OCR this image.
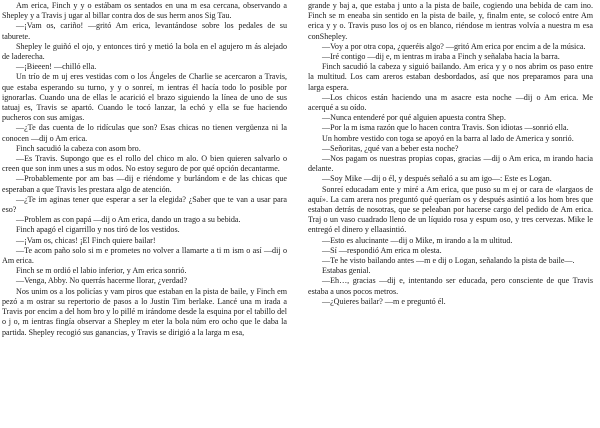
Am erica, Finch y y o estábam os sentados en una m esa cercana, observando a Shepley y a Travis j ugar al billar contra dos de sus herm anos Sig Tau.

—¡Vam os, cariño! —gritó Am erica, levantándose sobre los pedales de su taburete.

Shepley le guiñó el ojo, y entonces tiró y metió la bola en el agujero m ás alejado de laderecha.

—¡Bieeen! —chilló ella.

Un trío de m uj eres vestidas com o los Ángeles de Charlie se acercaron a Travis, que estaba esperando su turno, y y o sonreí, m ientras él hacía todo lo posible por ignorarlas. Cuando una de ellas le acarició el brazo siguiendo la línea de uno de sus tatuaj es, Travis se apartó. Cuando le tocó lanzar, la echó y ella se fue haciendo pucheros con sus amigas.

—¿Te das cuenta de lo ridículas que son? Esas chicas no tienen vergüenza ni la conocen —dij o Am erica.

Finch sacudió la cabeza con asom bro.

—Es Travis. Supongo que es el rollo del chico m alo. O bien quieren salvarlo o creen que son inm unes a sus m odos. No estoy seguro de por qué opción decantarme.

—Probablemente por am bas —dij e riéndome y burlándom e de las chicas que esperaban a que Travis les prestara algo de atención.

—¿Te im aginas tener que esperar a ser la elegida? ¿Saber que te van a usar para eso?

—Problem as con papá —dij o Am erica, dando un trago a su bebida.

Finch apagó el cigarrillo y nos tiró de los vestidos.

—¡Vam os, chicas! ¡El Finch quiere bailar!

—Te acom paño solo si m e prometes no volver a llamarte a ti m ism o así —dij o Am erica.

Finch se m ordió el labio inferior, y Am erica sonrió.

—Venga, Abby. No querrás hacerme llorar, ¿verdad?

Nos unim os a los policías y vam piros que estaban en la pista de baile, y Finch em pezó a m ostrar su repertorio de pasos a lo Justin Tim berlake. Lancé una m irada a Travis por encim a del hom bro y lo pillé m irándome desde la esquina por el tabillo del o j o, m ientras fingía observar a Shepley m eter la bola núm ero ocho que le daba la partida. Shepley recogió sus ganancias, y Travis se dirigió a la larga m esa,

grande y baj a, que estaba j unto a la pista de baile, cogiendo una bebida de cam ino. Finch se m eneaba sin sentido en la pista de baile, y, finalm ente, se colocó entre Am erica y y o. Travis puso los oj os en blanco, riéndose m ientras volvía a nuestra m esa conShepley.

—Voy a por otra copa, ¿queréis algo? —gritó Am erica por encim a de la música.

—Iré contigo —dij e, m ientras m iraba a Finch y señalaba hacia la barra.

Finch sacudió la cabeza y siguió bailando. Am erica y y o nos abrim os paso entre la multitud. Los cam areros estaban desbordados, así que nos preparamos para una larga espera.

—Los chicos están haciendo una m asacre esta noche —dij o Am erica. Me acerqué a su oído.

—Nunca entenderé por qué alguien apuesta contra Shep.

—Por la m isma razón que lo hacen contra Travis. Son idiotas —sonrió ella.

Un hombre vestido con toga se apoyó en la barra al lado de America y sonrió.

—Señoritas, ¿qué van a beber esta noche?

—Nos pagam os nuestras propias copas, gracias —dij o Am erica, m irando hacia delante.

—Soy Mike —dij o él, y después señaló a su am igo—: Este es Logan.

Sonreí educadam ente y miré a Am erica, que puso su m ej or cara de «largaos de aquí». La cam arera nos preguntó qué queríam os y después asintió a los hom bres que estaban detrás de nosotras, que se peleaban por hacerse cargo del pedido de Am erica. Traj o un vaso cuadrado lleno de un líquido rosa y espum oso, y tres cervezas. Mike le entregó el dinero y ellaasintió.

—Esto es alucinante —dij o Mike, m irando a la m ultitud.

—Sí —respondió Am erica m olesta.

—Te he visto bailando antes —m e dij o Logan, señalando la pista de baile—.

Estabas genial.

—Eh…, gracias —dij e, intentando ser educada, pero consciente de que Travis estaba a unos pocos metros.

—¿Quieres bailar? —m e preguntó él.
